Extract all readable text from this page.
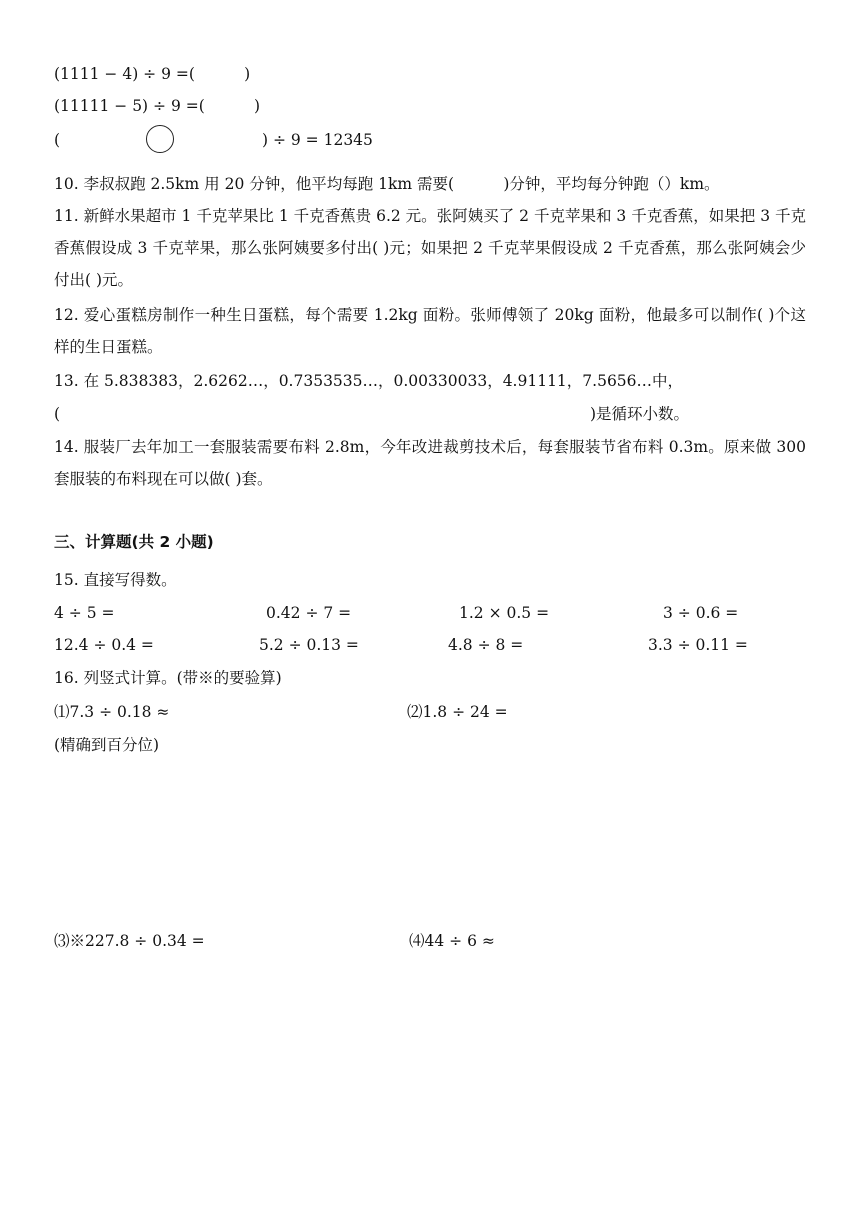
(1111 − 4) ÷ 9 =(          )
(11111 − 5) ÷ 9 =(          )
(	) ÷ 9 = 12345
10. 李叔叔跑 2.5km 用 20 分钟，他平均每跑 1km 需要(          )分钟，平均每分钟跑（）km。
11. 新鲜水果超市 1 千克苹果比 1 千克香蕉贵 6.2 元。张阿姨买了 2 千克苹果和 3 千克香蕉，如果把 3 千克香蕉假设成 3 千克苹果，那么张阿姨要多付出( )元；如果把 2 千克苹果假设成 2 千克香蕉，那么张阿姨会少付出( )元。
12. 爱心蛋糕房制作一种生日蛋糕，每个需要 1.2kg 面粉。张师傅领了 20kg 面粉，他最多可以制作( )个这样的生日蛋糕。
13. 在 5.838383，2.6262…，0.7353535…，0.00330033，4.91111，7.5656…中，
(	)是循环小数。
14. 服装厂去年加工一套服装需要布料 2.8m，今年改进裁剪技术后，每套服装节省布料 0.3m。原来做 300 套服装的布料现在可以做( )套。
三、计算题(共 2 小题)
15. 直接写得数。
4 ÷ 5 =	0.42 ÷ 7 =	1.2 × 0.5 =	3 ÷ 0.6 =
12.4 ÷ 0.4 =	5.2 ÷ 0.13 =	4.8 ÷ 8 =	3.3 ÷ 0.11 =
16. 列竖式计算。(带※的要验算)
⑴7.3 ÷ 0.18 ≈	⑵1.8 ÷ 24 =
(精确到百分位)
⑶※227.8 ÷ 0.34 =	⑷44 ÷ 6 ≈
